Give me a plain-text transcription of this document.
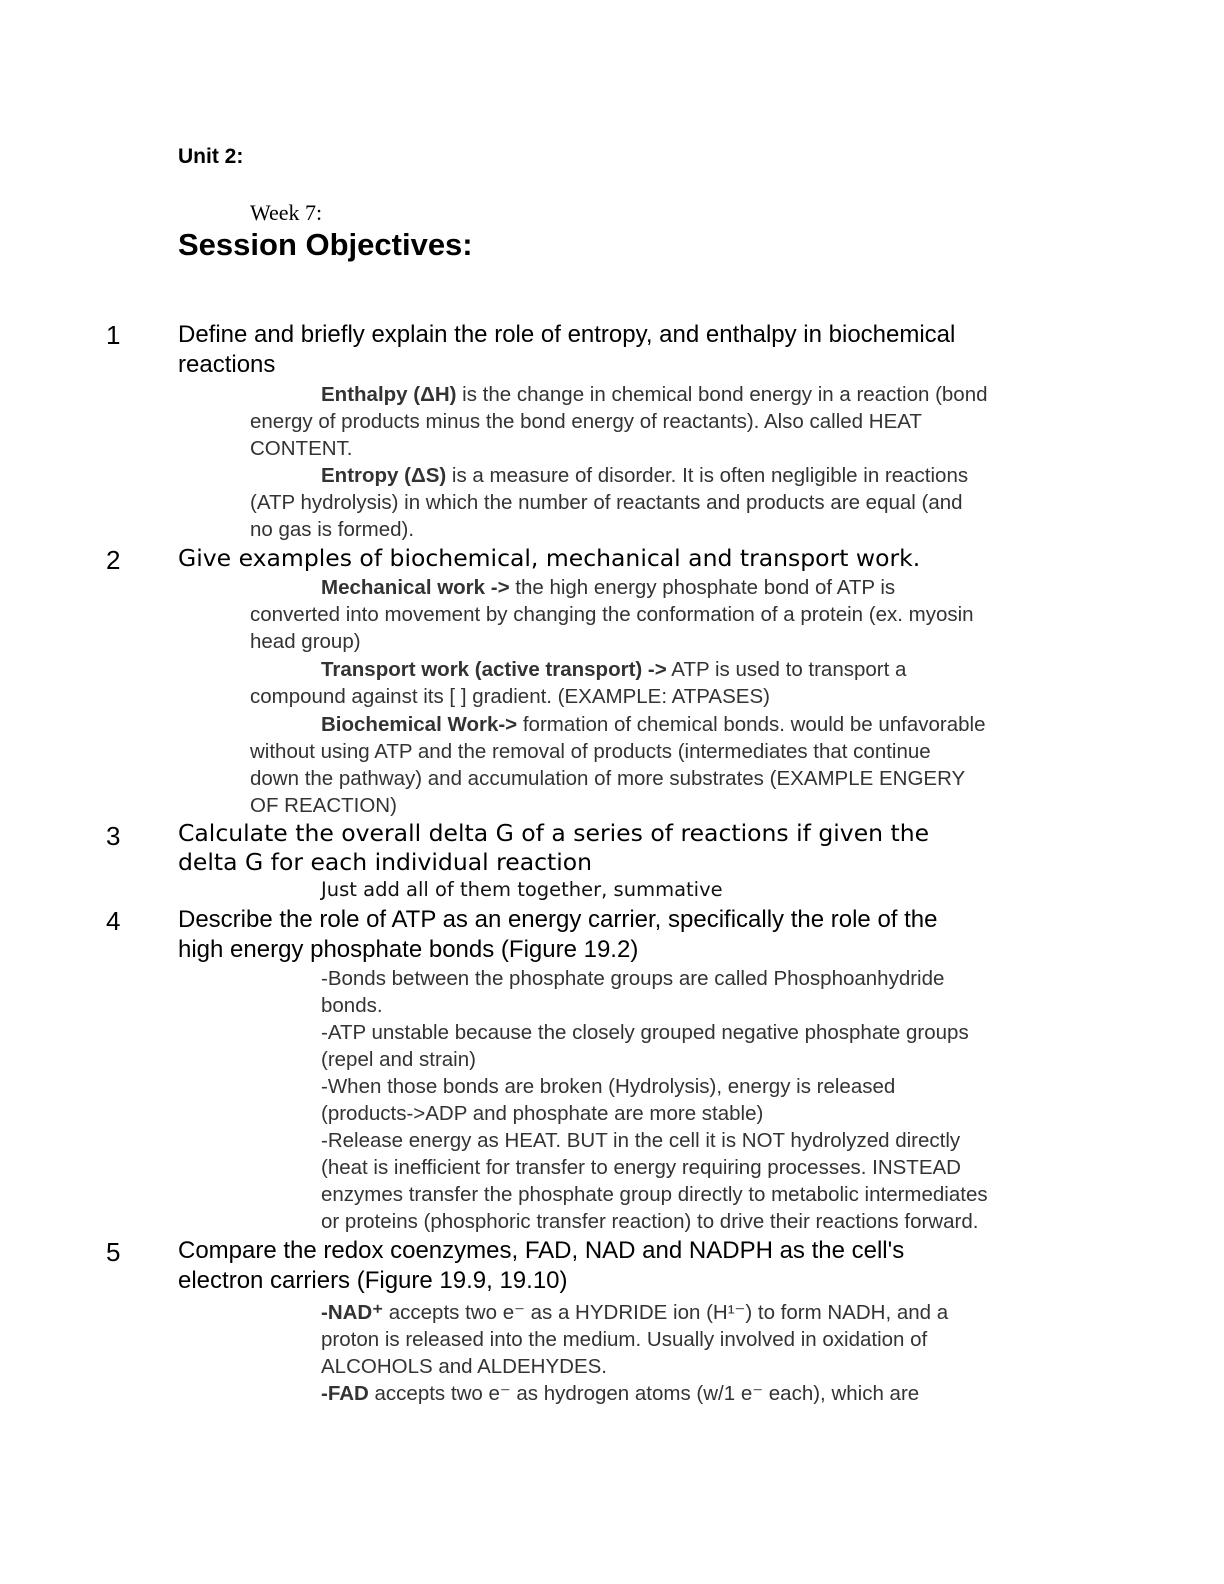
Unit 2:

Week 7:

Session Objectives:

1 Define and briefly explain the role of entropy, and enthalpy in biochemical
reactions
Enthalpy (ΔH) is the change in chemical bond energy in a reaction (bond
energy of products minus the bond energy of reactants). Also called HEAT
CONTENT.
Entropy (ΔS) is a measure of disorder. It is often negligible in reactions
(ATP hydrolysis) in which the number of reactants and products are equal (and
no gas is formed).
2 Give examples of biochemical, mechanical and transport work.
Mechanical work -> the high energy phosphate bond of ATP is
converted into movement by changing the conformation of a protein (ex. myosin
head group)
Transport work (active transport) -> ATP is used to transport a
compound against its [ ] gradient. (EXAMPLE: ATPASES)
Biochemical Work-> formation of chemical bonds. would be unfavorable
without using ATP and the removal of products (intermediates that continue
down the pathway) and accumulation of more substrates (EXAMPLE ENGERY
OF REACTION)
3 Calculate the overall delta G of a series of reactions if given the
delta G for each individual reaction

Just add all of them together, summative

4 Describe the role of ATP as an energy carrier, specifically the role of the
high energy phosphate bonds (Figure 19.2)
-Bonds between the phosphate groups are called Phosphoanhydride
bonds.
-ATP unstable because the closely grouped negative phosphate groups
(repel and strain)
-When those bonds are broken (Hydrolysis), energy is released
(products->ADP and phosphate are more stable)
-Release energy as HEAT. BUT in the cell it is NOT hydrolyzed directly
(heat is inefficient for transfer to energy requiring processes. INSTEAD
enzymes transfer the phosphate group directly to metabolic intermediates
or proteins (phosphoric transfer reaction) to drive their reactions forward.
5 Compare the redox coenzymes, FAD, NAD and NADPH as the cell's
electron carriers (Figure 19.9, 19.10)
-NAD⁺ accepts two e⁻ as a HYDRIDE ion (H¹⁻) to form NADH, and a
proton is released into the medium. Usually involved in oxidation of
ALCOHOLS and ALDEHYDES.
-FAD accepts two e⁻ as hydrogen atoms (w/1 e⁻ each), which are
